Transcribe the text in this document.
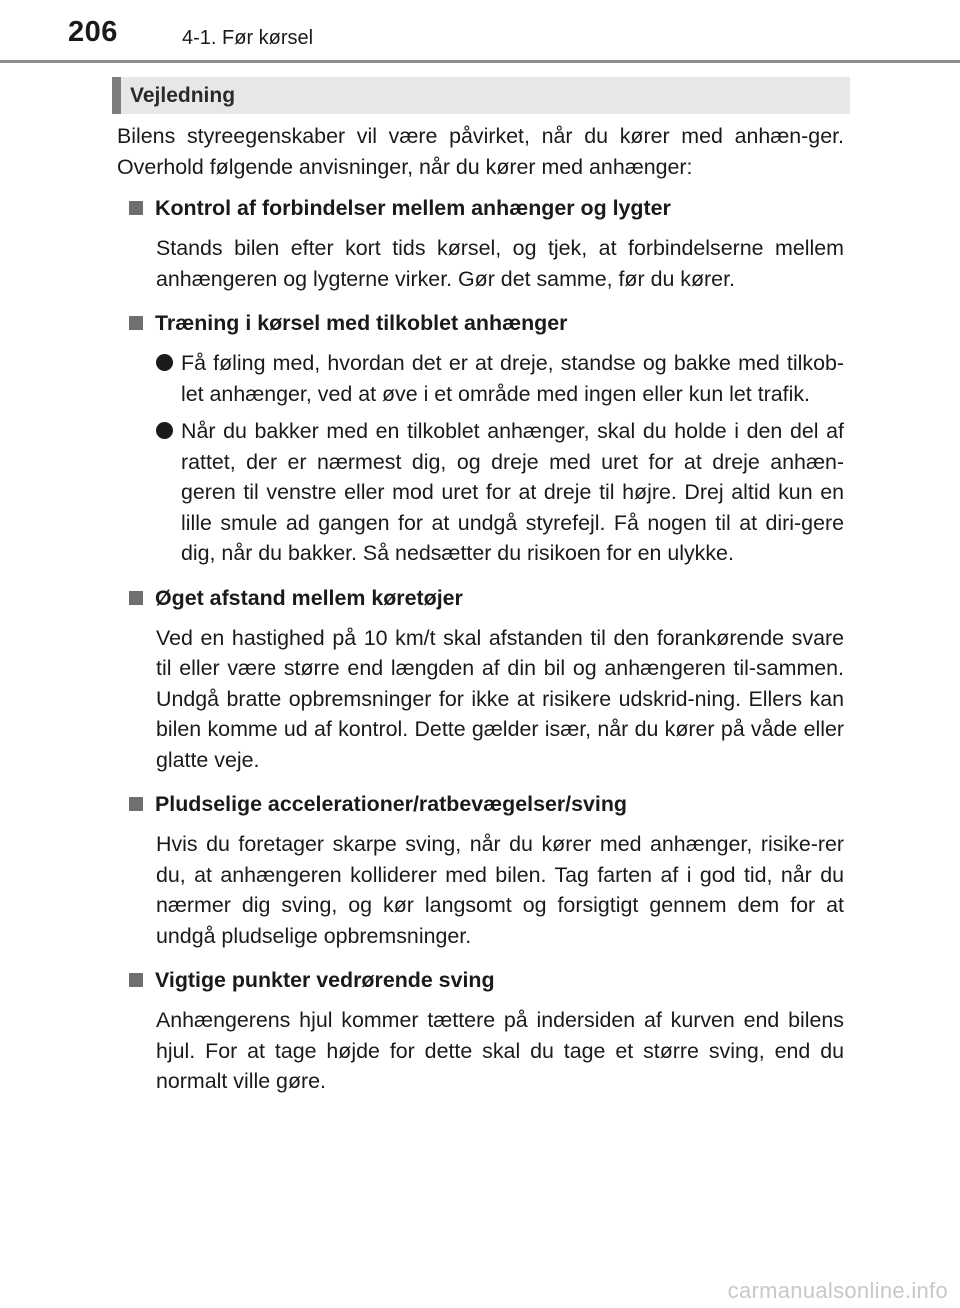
206	4-1. Før kørsel
Vejledning

Bilens styreegenskaber vil være påvirket, når du kører med anhæn-ger. Overhold følgende anvisninger, når du kører med anhænger:

Kontrol af forbindelser mellem anhænger og lygter

Stands bilen efter kort tids kørsel, og tjek, at forbindelserne mellem anhængeren og lygterne virker. Gør det samme, før du kører.

Træning i kørsel med tilkoblet anhænger

Få føling med, hvordan det er at dreje, standse og bakke med tilkob-let anhænger, ved at øve i et område med ingen eller kun let trafik.

Når du bakker med en tilkoblet anhænger, skal du holde i den del af rattet, der er nærmest dig, og dreje med uret for at dreje anhæn-geren til venstre eller mod uret for at dreje til højre. Drej altid kun en lille smule ad gangen for at undgå styrefejl. Få nogen til at diri-gere dig, når du bakker. Så nedsætter du risikoen for en ulykke.

Øget afstand mellem køretøjer

Ved en hastighed på 10 km/t skal afstanden til den forankørende svare til eller være større end længden af din bil og anhængeren til-sammen. Undgå bratte opbremsninger for ikke at risikere udskrid-ning. Ellers kan bilen komme ud af kontrol. Dette gælder især, når du kører på våde eller glatte veje.

Pludselige accelerationer/ratbevægelser/sving

Hvis du foretager skarpe sving, når du kører med anhænger, risike-rer du, at anhængeren kolliderer med bilen. Tag farten af i god tid, når du nærmer dig sving, og kør langsomt og forsigtigt gennem dem for at undgå pludselige opbremsninger.

Vigtige punkter vedrørende sving

Anhængerens hjul kommer tættere på indersiden af kurven end bilens hjul. For at tage højde for dette skal du tage et større sving, end du normalt ville gøre.

carmanualsonline.info
